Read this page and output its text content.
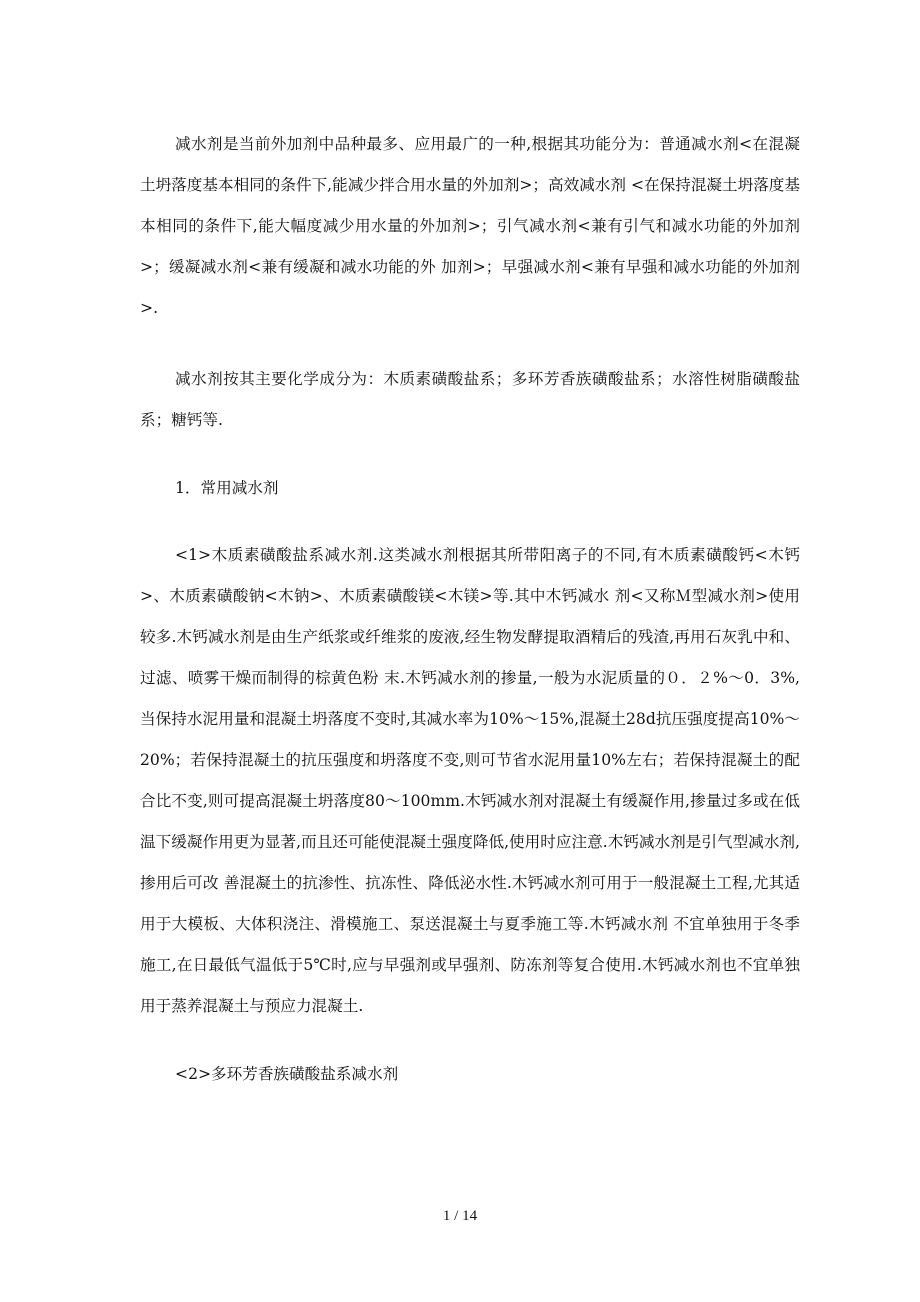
减水剂是当前外加剂中品种最多、应用最广的一种,根据其功能分为：普通减水剂<在混凝土坍落度基本相同的条件下,能减少拌合用水量的外加剂>；高效减水剂 <在保持混凝土坍落度基本相同的条件下,能大幅度减少用水量的外加剂>；引气减水剂<兼有引气和减水功能的外加剂>；缓凝减水剂<兼有缓凝和减水功能的外 加剂>；早强减水剂<兼有早强和减水功能的外加剂>.

减水剂按其主要化学成分为：木质素磺酸盐系；多环芳香族磺酸盐系；水溶性树脂磺酸盐系；糖钙等.

1．常用减水剂

<1>木质素磺酸盐系减水剂.这类减水剂根据其所带阳离子的不同,有木质素磺酸钙<木钙>、木质素磺酸钠<木钠>、木质素磺酸镁<木镁>等.其中木钙减水 剂<又称Ｍ型减水剂>使用较多.木钙减水剂是由生产纸浆或纤维浆的废液,经生物发酵提取酒精后的残渣,再用石灰乳中和、过滤、喷雾干燥而制得的棕黄色粉 末.木钙减水剂的掺量,一般为水泥质量的０．２%～0．3%,当保持水泥用量和混凝土坍落度不变时,其减水率为10%～15%,混凝土28d抗压强度提高10%～20%；若保持混凝土的抗压强度和坍落度不变,则可节省水泥用量10%左右；若保持混凝土的配合比不变,则可提高混凝土坍落度80～100mm.木钙减水剂对混凝土有缓凝作用,掺量过多或在低温下缓凝作用更为显著,而且还可能使混凝土强度降低,使用时应注意.木钙减水剂是引气型减水剂,掺用后可改 善混凝土的抗渗性、抗冻性、降低泌水性.木钙减水剂可用于一般混凝土工程,尤其适用于大模板、大体积浇注、滑模施工、泵送混凝土与夏季施工等.木钙减水剂 不宜单独用于冬季施工,在日最低气温低于5℃时,应与早强剂或早强剂、防冻剂等复合使用.木钙减水剂也不宜单独用于蒸养混凝土与预应力混凝土.

<2>多环芳香族磺酸盐系减水剂

1 / 14
